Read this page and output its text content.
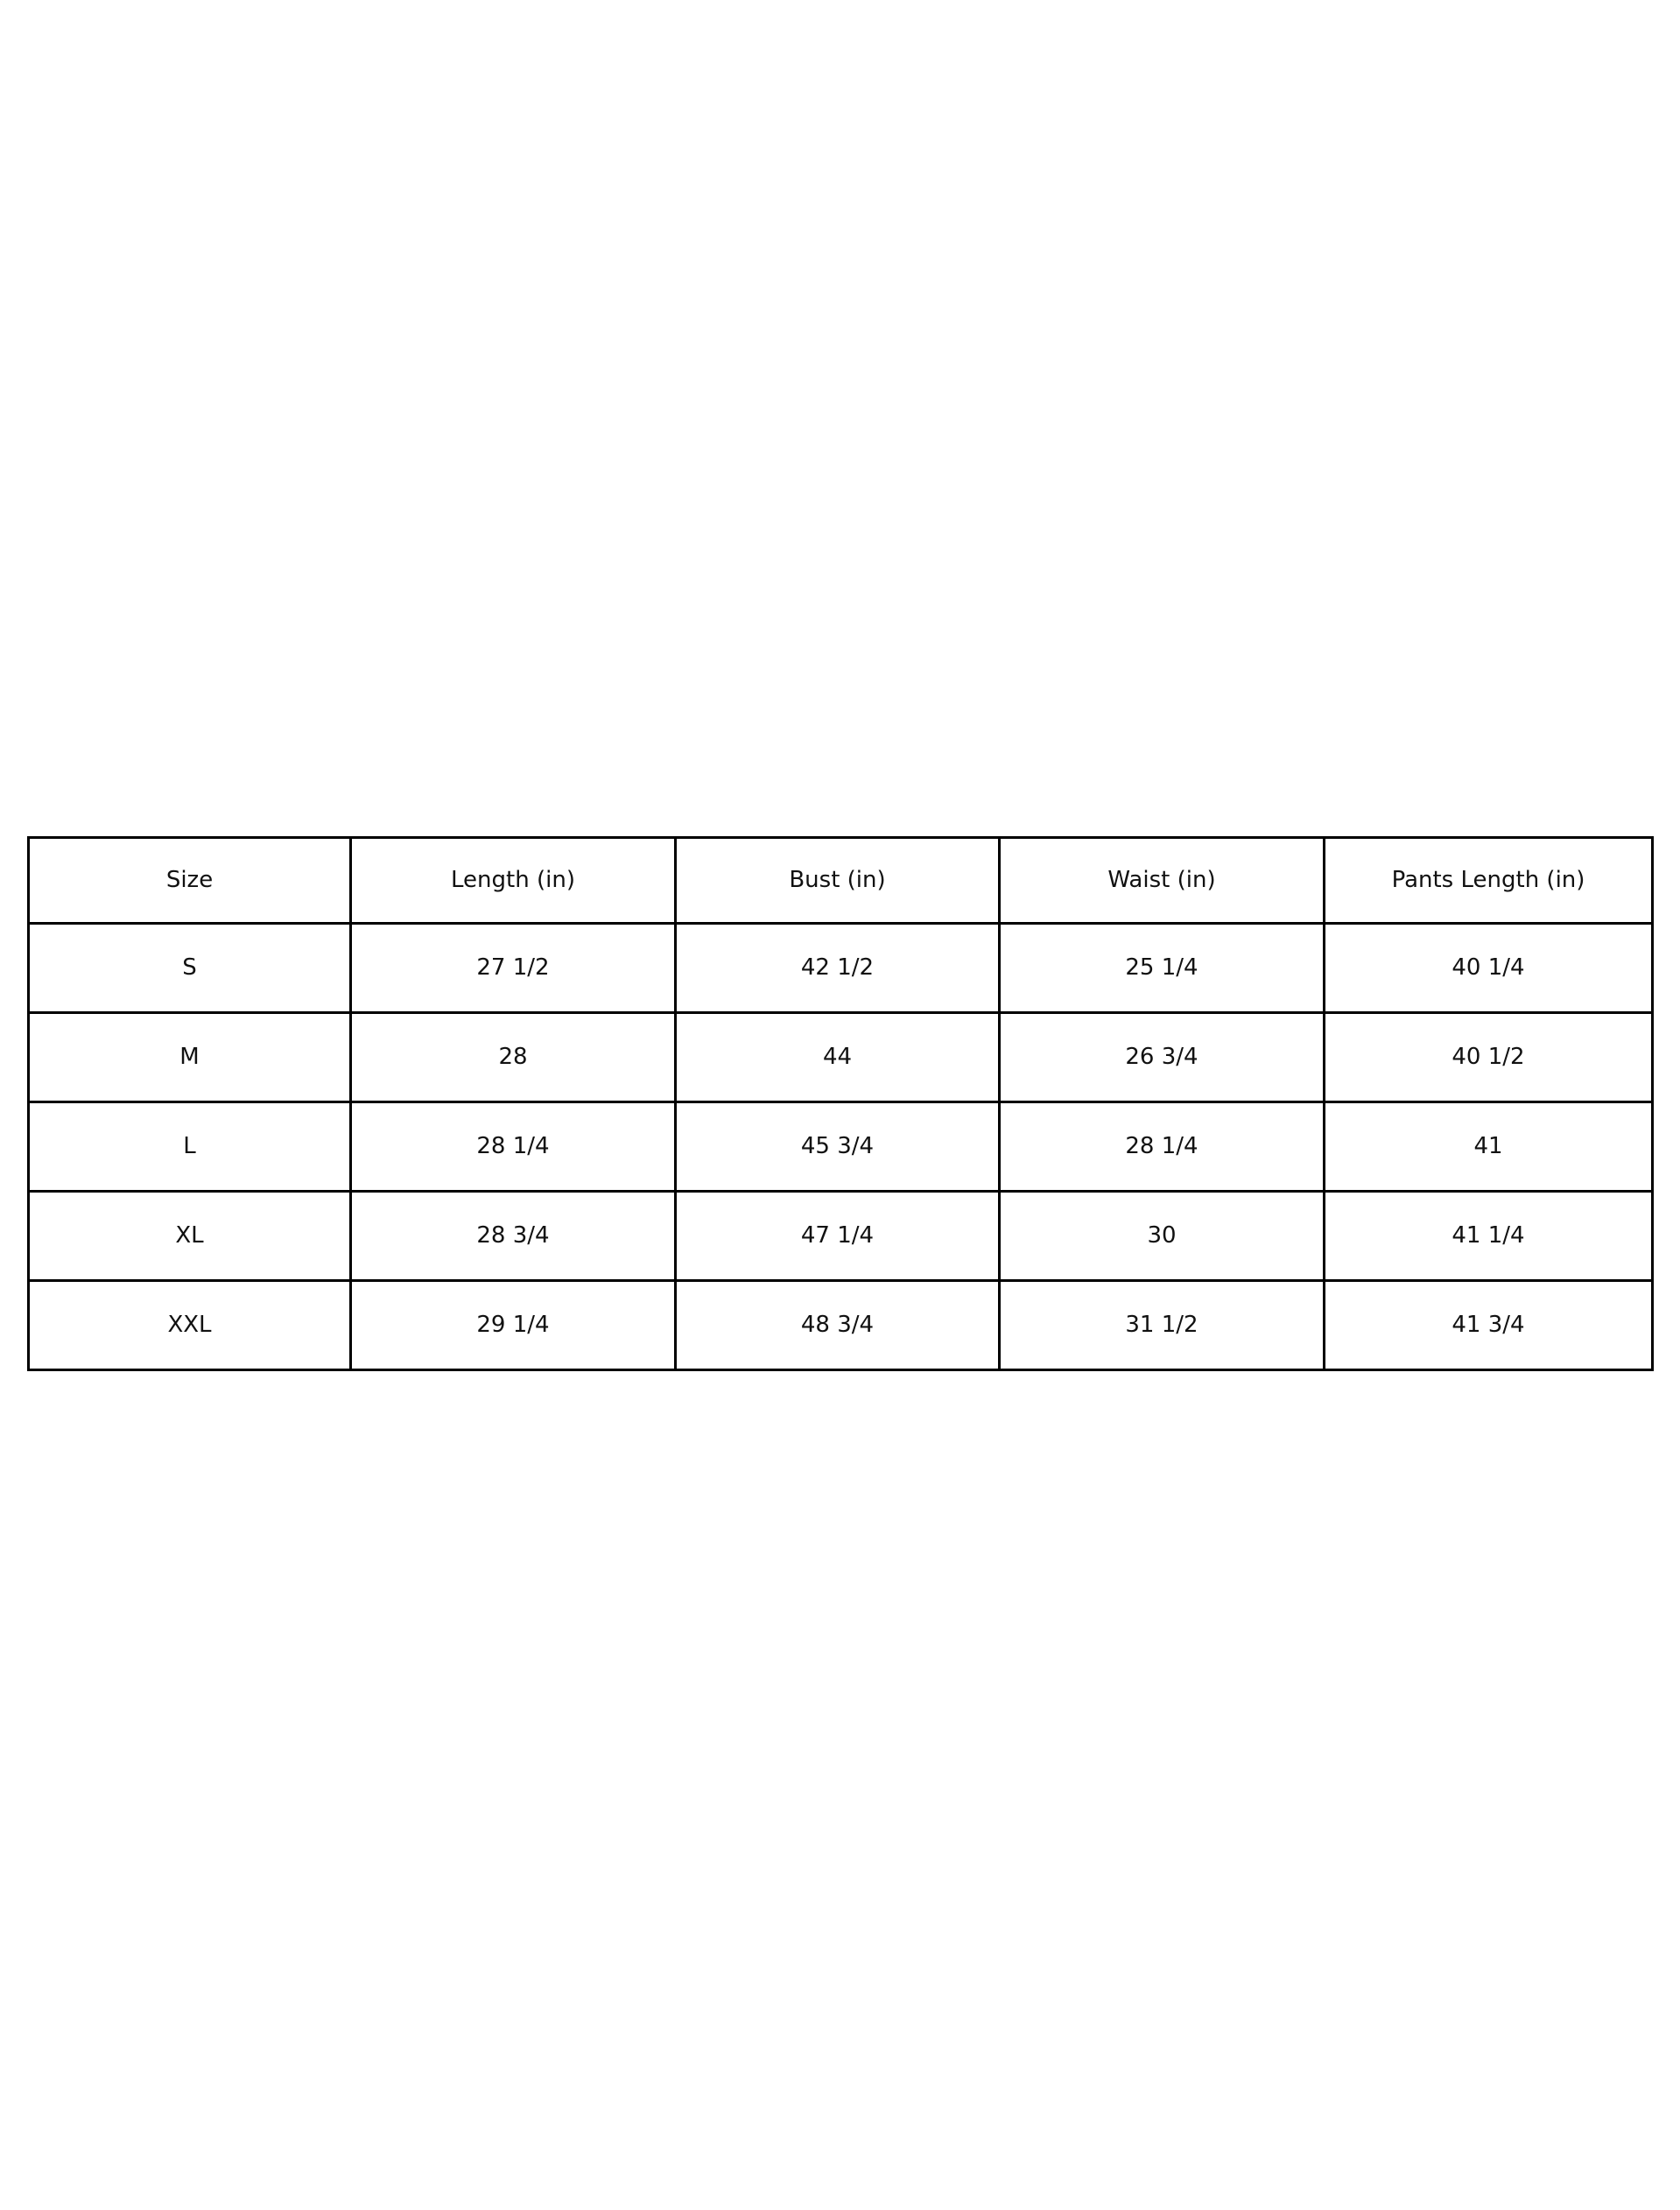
Size	Length (in)	Bust (in)	Waist (in)	Pants Length (in)
S	27 1/2	42 1/2	25 1/4	40 1/4
M	28	44	26 3/4	40 1/2
L	28 1/4	45 3/4	28 1/4	41
XL	28 3/4	47 1/4	30	41 1/4
XXL	29 1/4	48 3/4	31 1/2	41 3/4
